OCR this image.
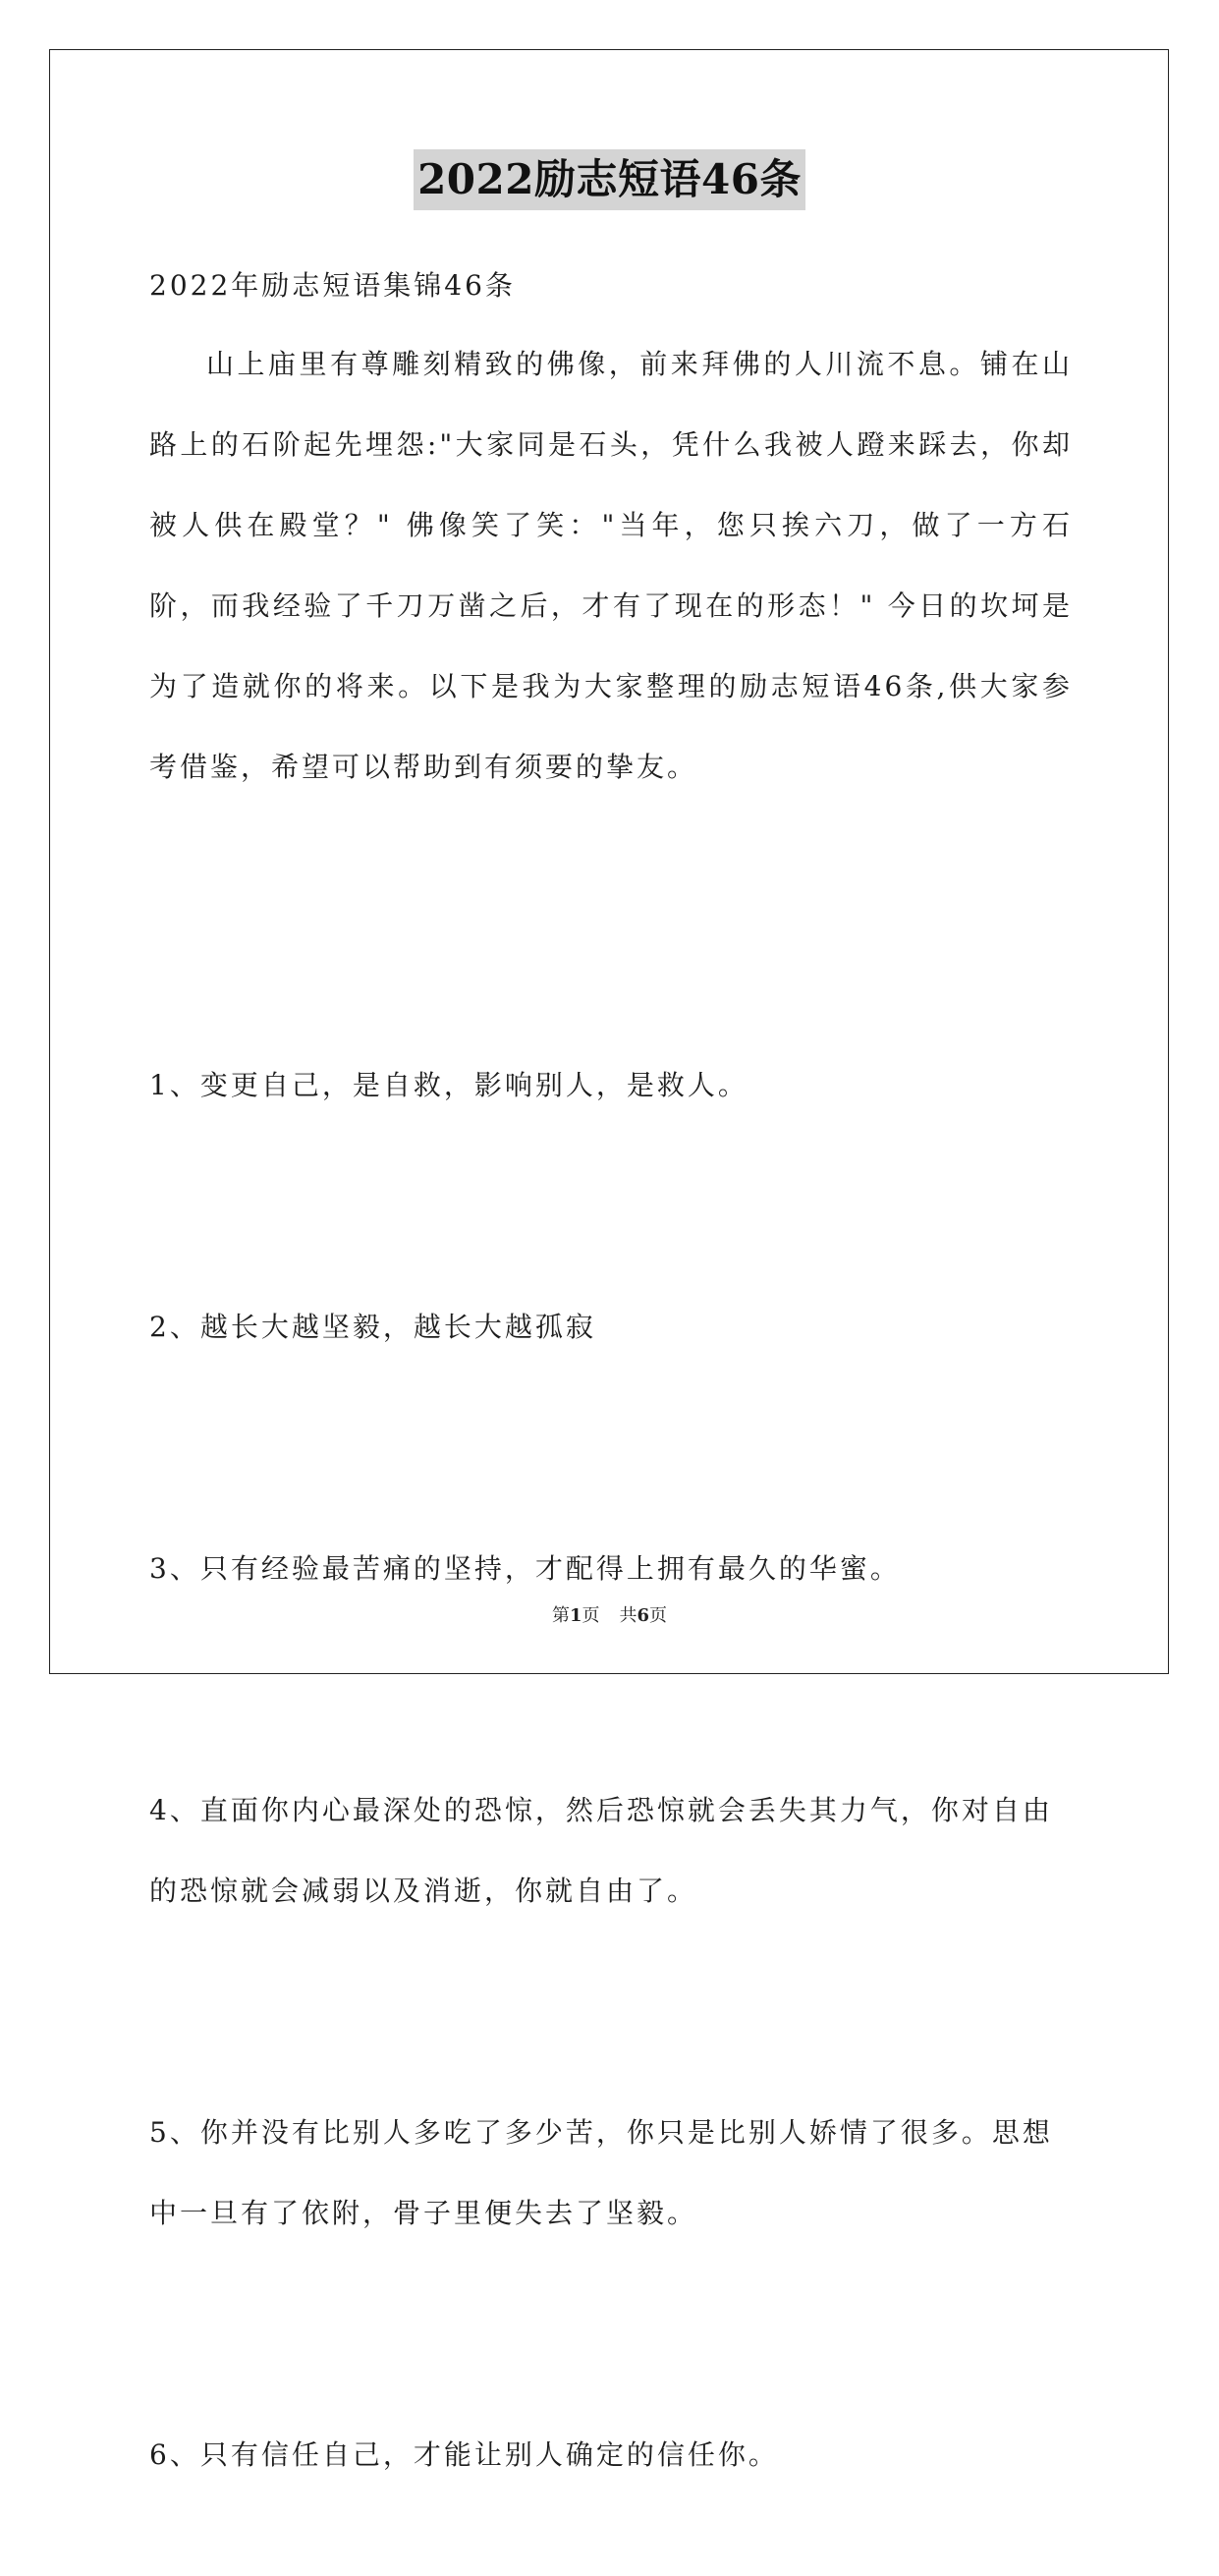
2022励志短语46条
2022年励志短语集锦46条
山上庙里有尊雕刻精致的佛像，前来拜佛的人川流不息。铺在山路上的石阶起先埋怨:"大家同是石头，凭什么我被人蹬来踩去，你却被人供在殿堂？" 佛像笑了笑："当年，您只挨六刀，做了一方石阶，而我经验了千刀万凿之后，才有了现在的形态！" 今日的坎坷是为了造就你的将来。以下是我为大家整理的励志短语46条,供大家参考借鉴，希望可以帮助到有须要的挚友。

1、变更自己，是自救，影响别人，是救人。

2、越长大越坚毅，越长大越孤寂

3、只有经验最苦痛的坚持，才配得上拥有最久的华蜜。

4、直面你内心最深处的恐惊，然后恐惊就会丢失其力气，你对自由的恐惊就会减弱以及消逝，你就自由了。

5、你并没有比别人多吃了多少苦，你只是比别人娇情了很多。思想中一旦有了依附，骨子里便失去了坚毅。

6、只有信任自己，才能让别人确定的信任你。

第1页 共6页
